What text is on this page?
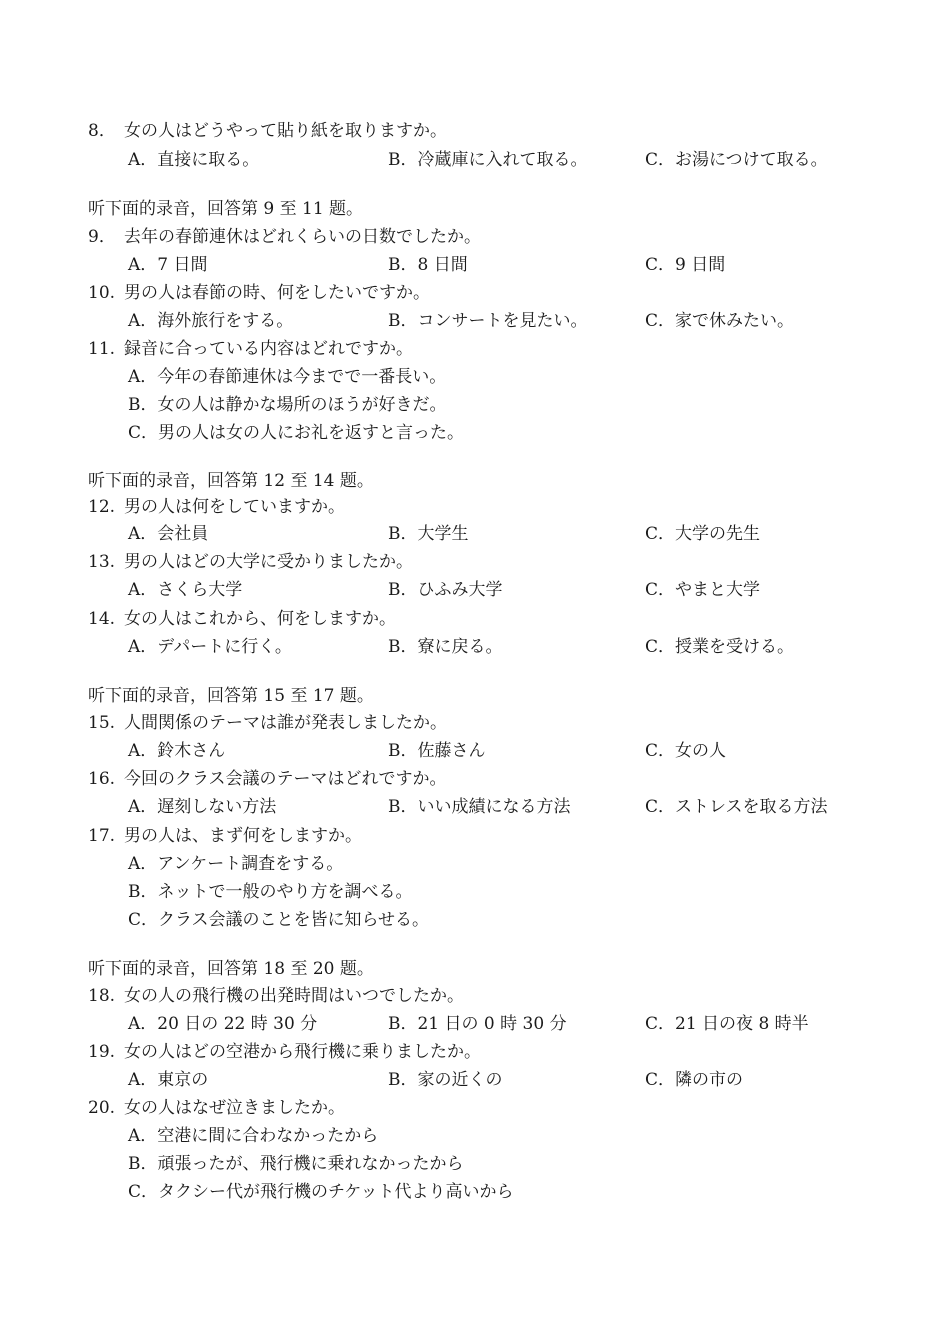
8． 女の人はどうやって貼り紙を取りますか。
A．直接に取る。	B．冷蔵庫に入れて取る。	C．お湯につけて取る。
听下面的录音，回答第 9 至 11 题。
9． 去年の春節連休はどれくらいの日数でしたか。
A．7 日間	B．8 日間	C．9 日間
10. 男の人は春節の時、何をしたいですか。
A．海外旅行をする。	B．コンサートを見たい。	C．家で休みたい。
11. 録音に合っている内容はどれですか。
A．今年の春節連休は今までで一番長い。
B．女の人は静かな場所のほうが好きだ。
C．男の人は女の人にお礼を返すと言った。
听下面的录音，回答第 12 至 14 题。
12. 男の人は何をしていますか。
A．会社員	B．大学生	C．大学の先生
13. 男の人はどの大学に受かりましたか。
A．さくら大学	B．ひふみ大学	C．やまと大学
14. 女の人はこれから、何をしますか。
A．デパートに行く。	B．寮に戻る。	C．授業を受ける。
听下面的录音，回答第 15 至 17 题。
15. 人間関係のテーマは誰が発表しましたか。
A．鈴木さん	B．佐藤さん	C．女の人
16. 今回のクラス会議のテーマはどれですか。
A．遅刻しない方法	B．いい成績になる方法	C．ストレスを取る方法
17. 男の人は、まず何をしますか。
A．アンケート調査をする。
B．ネットで一般のやり方を調べる。
C．クラス会議のことを皆に知らせる。
听下面的录音，回答第 18 至 20 题。
18. 女の人の飛行機の出発時間はいつでしたか。
A．20 日の 22 時 30 分	B．21 日の 0 時 30 分	C．21 日の夜 8 時半
19. 女の人はどの空港から飛行機に乗りましたか。
A．東京の	B．家の近くの	C．隣の市の
20. 女の人はなぜ泣きましたか。
A．空港に間に合わなかったから
B．頑張ったが、飛行機に乗れなかったから
C．タクシー代が飛行機のチケット代より高いから
